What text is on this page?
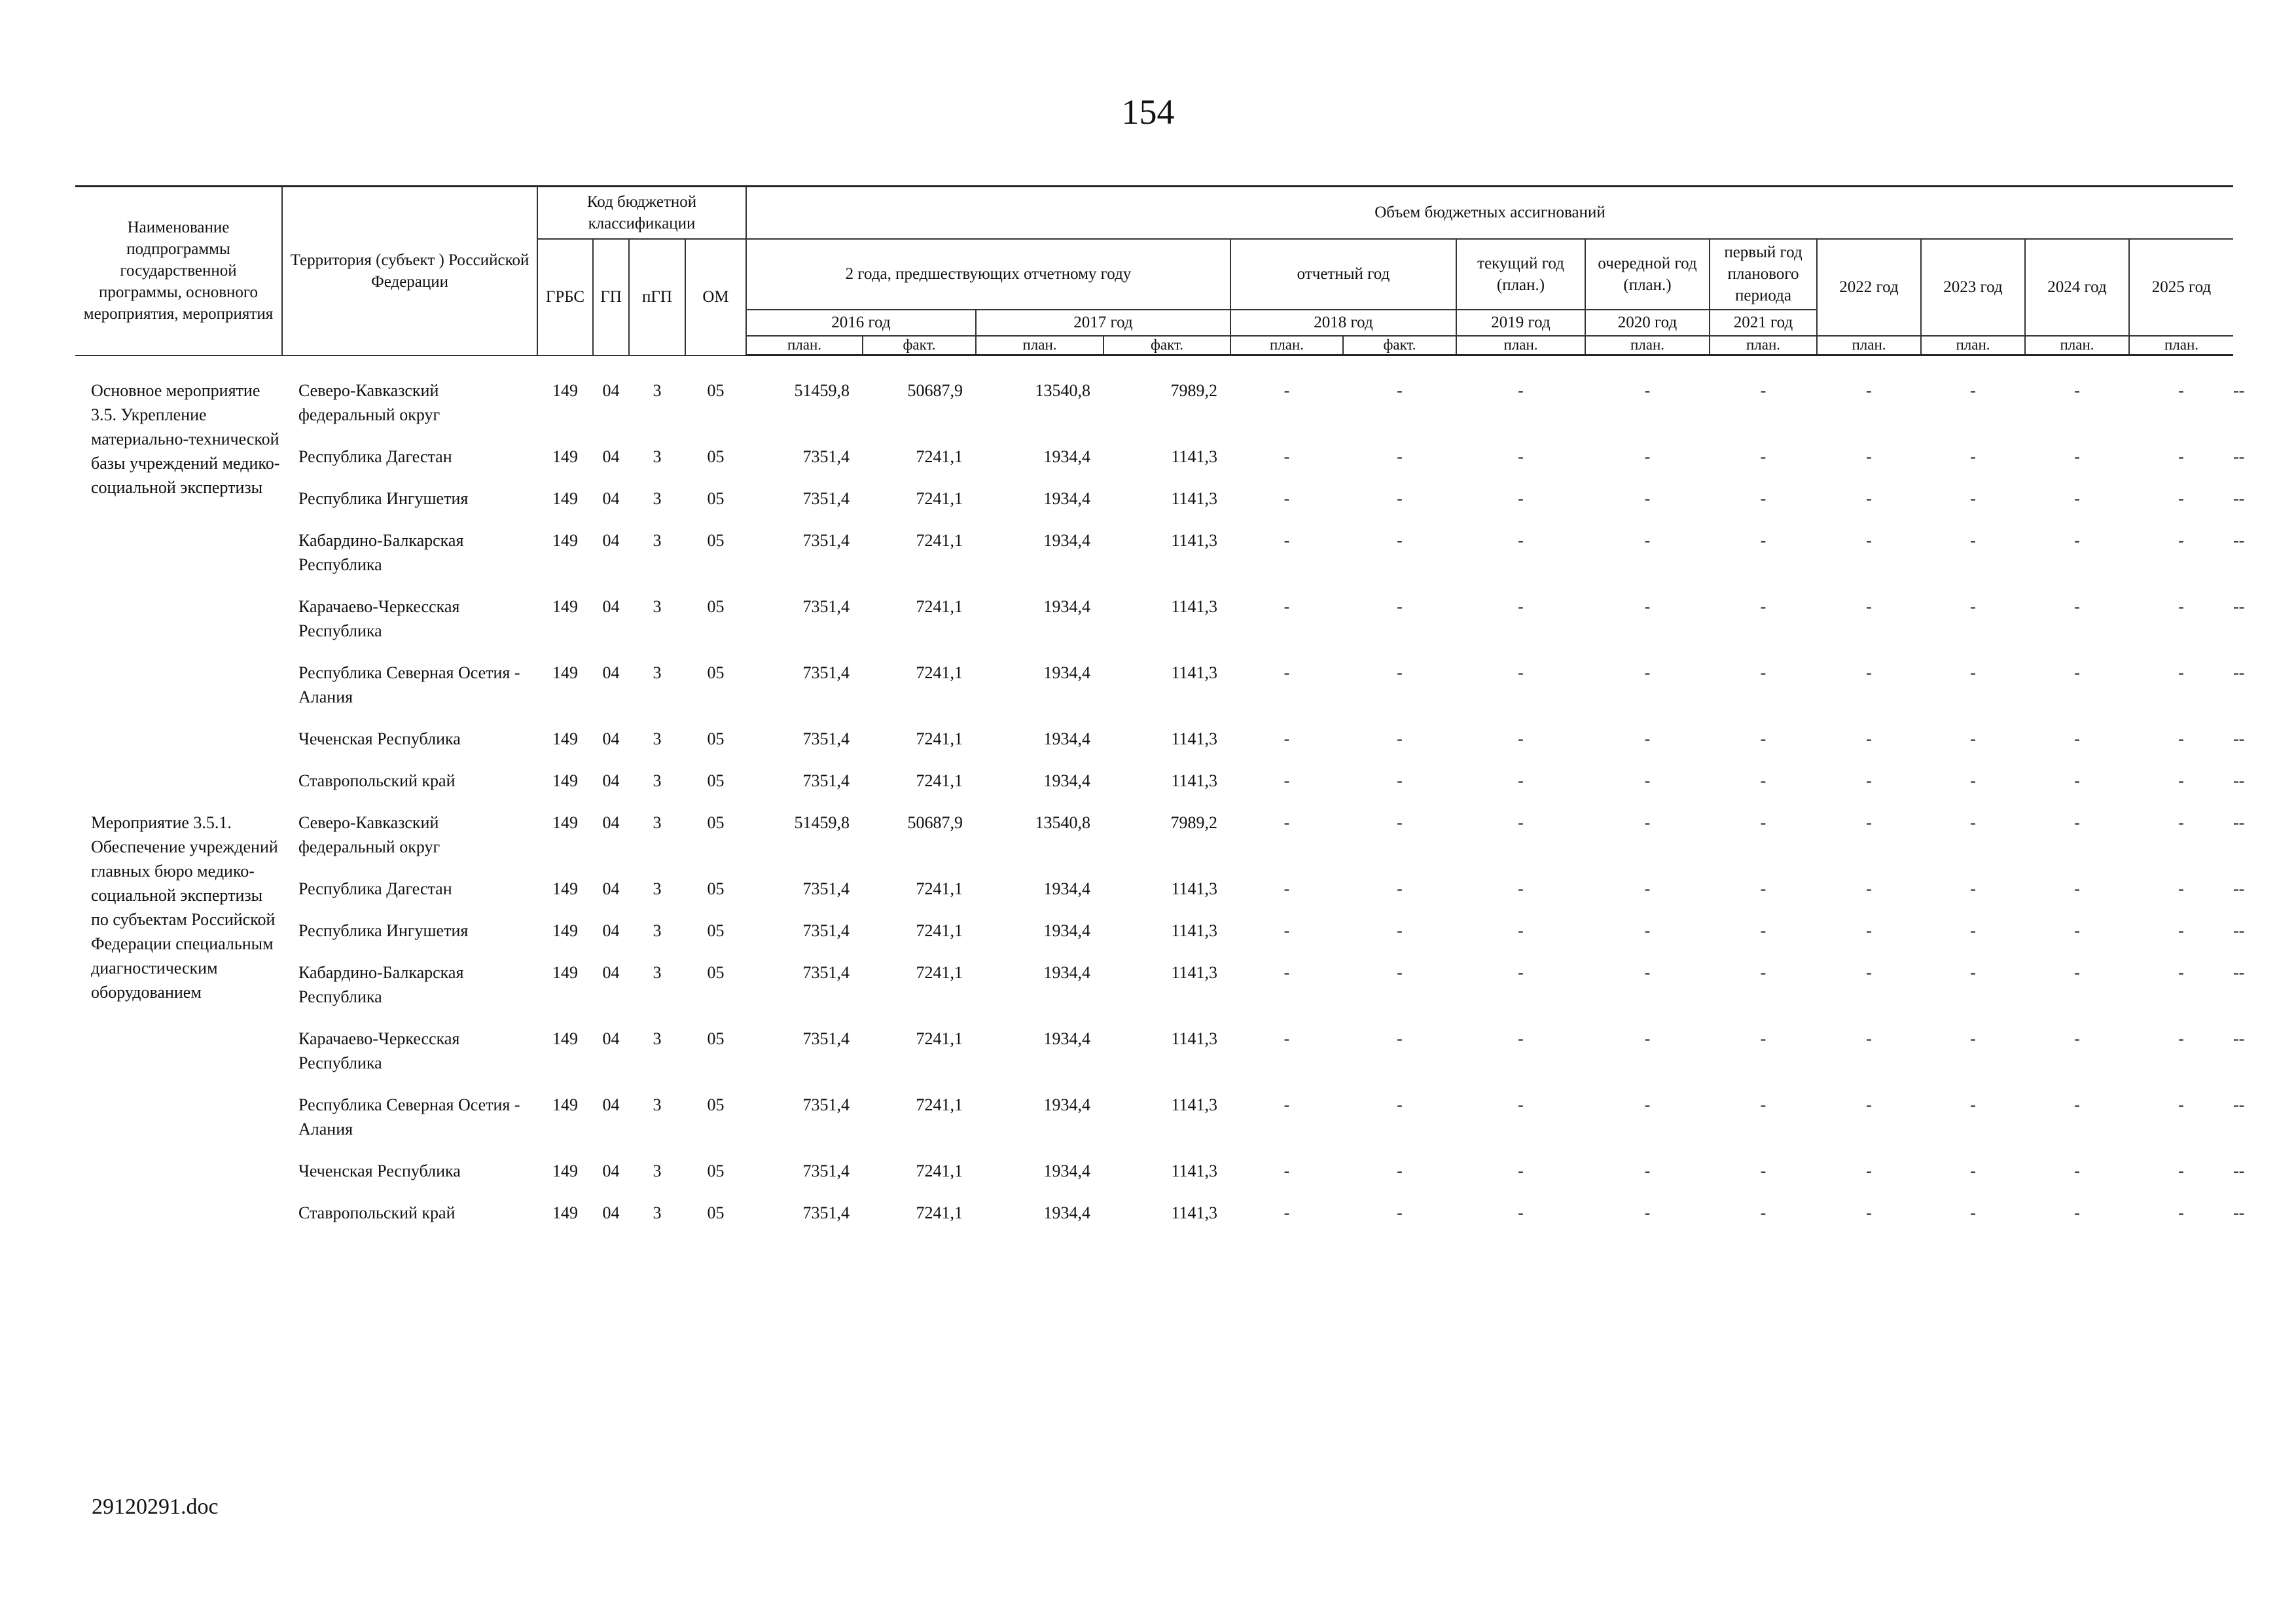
154
Наименование подпрограммы государственной программы, основного мероприятия, мероприятия	Территория (субъект ) Российской Федерации	Код бюджетной классификации				Объем бюджетных ассигнований														
		ГРБС	ГП	пГП	ОМ	2 года, предшествующих отчетному году				отчетный год		текущий год (план.)	очередной год (план.)	первый год планового периода	2022 год	2023 год	2024 год	2025 год		
						2016 год		2017 год		2018 год		2019 год	2020 год	2021 год						
						план.	факт.	план.	факт.	план.	факт.	план.	план.	план.	план.	план.	план.	план.		

Основное мероприятие 3.5. Укрепление материально-технической базы учреждений медико-социальной экспертизы	Северо-Кавказский федеральный округ	149	04	3	05	51459,8	50687,9	13540,8	7989,2	-	-	-	-	-	-	-	-	-	-	-
	Республика Дагестан	149	04	3	05	7351,4	7241,1	1934,4	1141,3	-	-	-	-	-	-	-	-	-	-	-
	Республика Ингушетия	149	04	3	05	7351,4	7241,1	1934,4	1141,3	-	-	-	-	-	-	-	-	-	-	-
	Кабардино-Балкарская Республика	149	04	3	05	7351,4	7241,1	1934,4	1141,3	-	-	-	-	-	-	-	-	-	-	-
	Карачаево-Черкесская Республика	149	04	3	05	7351,4	7241,1	1934,4	1141,3	-	-	-	-	-	-	-	-	-	-	-
	Республика Северная Осетия - Алания	149	04	3	05	7351,4	7241,1	1934,4	1141,3	-	-	-	-	-	-	-	-	-	-	-
	Чеченская Республика	149	04	3	05	7351,4	7241,1	1934,4	1141,3	-	-	-	-	-	-	-	-	-	-	-
	Ставропольский край	149	04	3	05	7351,4	7241,1	1934,4	1141,3	-	-	-	-	-	-	-	-	-	-	-
Мероприятие 3.5.1. Обеспечение учреждений главных бюро медико-социальной экспертизы по субъектам Российской Федерации специальным диагностическим оборудованием	Северо-Кавказский федеральный округ	149	04	3	05	51459,8	50687,9	13540,8	7989,2	-	-	-	-	-	-	-	-	-	-	-
	Республика Дагестан	149	04	3	05	7351,4	7241,1	1934,4	1141,3	-	-	-	-	-	-	-	-	-	-	-
	Республика Ингушетия	149	04	3	05	7351,4	7241,1	1934,4	1141,3	-	-	-	-	-	-	-	-	-	-	-
	Кабардино-Балкарская Республика	149	04	3	05	7351,4	7241,1	1934,4	1141,3	-	-	-	-	-	-	-	-	-	-	-
	Карачаево-Черкесская Республика	149	04	3	05	7351,4	7241,1	1934,4	1141,3	-	-	-	-	-	-	-	-	-	-	-
	Республика Северная Осетия - Алания	149	04	3	05	7351,4	7241,1	1934,4	1141,3	-	-	-	-	-	-	-	-	-	-	-
	Чеченская Республика	149	04	3	05	7351,4	7241,1	1934,4	1141,3	-	-	-	-	-	-	-	-	-	-	-
	Ставропольский край	149	04	3	05	7351,4	7241,1	1934,4	1141,3	-	-	-	-	-	-	-	-	-	-	-
29120291.doc
